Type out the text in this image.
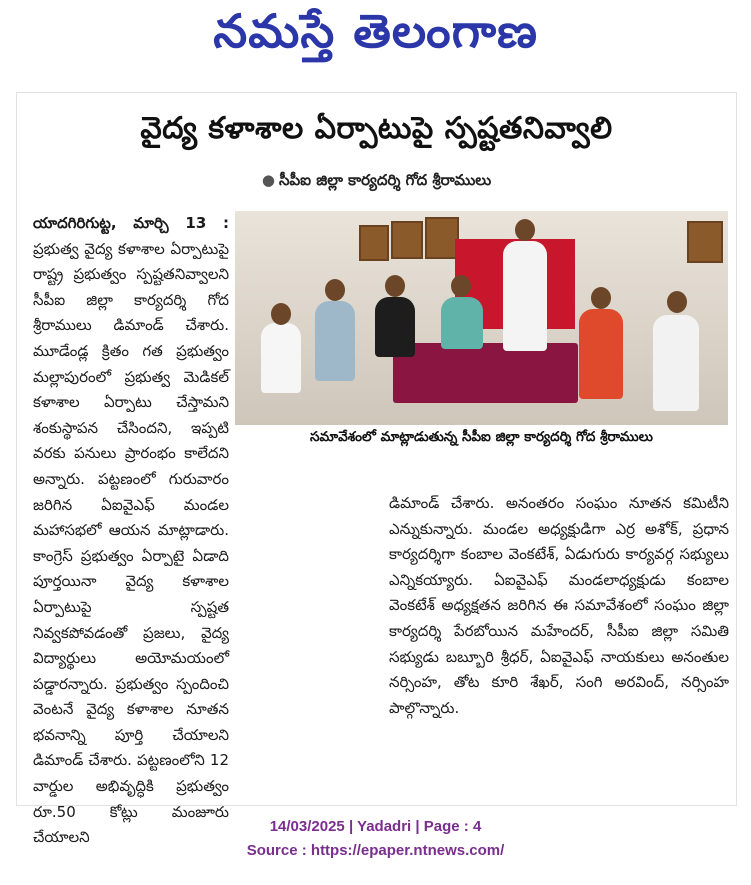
నమస్తే తెలంగాణ
వైద్య కళాశాల ఏర్పాటుపై స్పష్టతనివ్వాలి
● సీపీఐ జిల్లా కార్యదర్శి గోద శ్రీరాములు
యాదగిరిగుట్ట, మార్చి 13 : ప్రభుత్వ వైద్య కళాశాల ఏర్పాటుపై రాష్ట్ర ప్రభుత్వం స్పష్టతనివ్వాలని సీపీఐ జిల్లా కార్యదర్శి గోద శ్రీరాములు డిమాండ్ చేశారు. మూడేండ్ల క్రితం గత ప్రభుత్వం మల్లాపురంలో ప్రభుత్వ మెడికల్ కళాశాల ఏర్పాటు చేస్తామని శంకుస్థాపన చేసిందని, ఇప్పటి వరకు పనులు ప్రారంభం కాలేదని అన్నారు. పట్టణంలో గురువారం జరిగిన ఏఐవైఎఫ్ మండల మహాసభలో ఆయన మాట్లాడారు. కాంగ్రెస్ ప్రభుత్వం ఏర్పాటై ఏడాది పూర్తయినా వైద్య కళాశాల ఏర్పాటుపై స్పష్టత నివ్వకపోవడంతో ప్రజలు, వైద్య విద్యార్థులు అయోమయంలో పడ్డారన్నారు. ప్రభుత్వం స్పందించి వెంటనే వైద్య కళాశాల నూతన భవనాన్ని పూర్తి చేయాలని డిమాండ్ చేశారు. పట్టణంలోని 12 వార్డుల అభివృద్ధికి ప్రభుత్వం రూ.50 కోట్లు మంజూరు చేయాలని
సమావేశంలో మాట్లాడుతున్న సీపీఐ జిల్లా కార్యదర్శి గోద శ్రీరాములు
డిమాండ్ చేశారు. అనంతరం సంఘం నూతన కమిటీని ఎన్నుకున్నారు. మండల అధ్యక్షుడిగా ఎర్ర అశోక్, ప్రధాన కార్యదర్శిగా కంబాల వెంకటేశ్, ఏడుగురు కార్యవర్గ సభ్యులు ఎన్నికయ్యారు. ఏఐవైఎఫ్ మండలాధ్యక్షుడు కంబాల వెంకటేశ్ అధ్యక్షతన జరిగిన ఈ సమావేశంలో సంఘం జిల్లా కార్యదర్శి పేరబోయిన మహేందర్, సీపీఐ జిల్లా సమితి సభ్యుడు బబ్బూరి శ్రీధర్, ఏఐవైఎఫ్ నాయకులు అనంతుల నర్సింహ, తోట కూరి శేఖర్, సంగి అరవింద్, నర్సింహ పాల్గొన్నారు.
14/03/2025 | Yadadri | Page : 4
Source : https://epaper.ntnews.com/
